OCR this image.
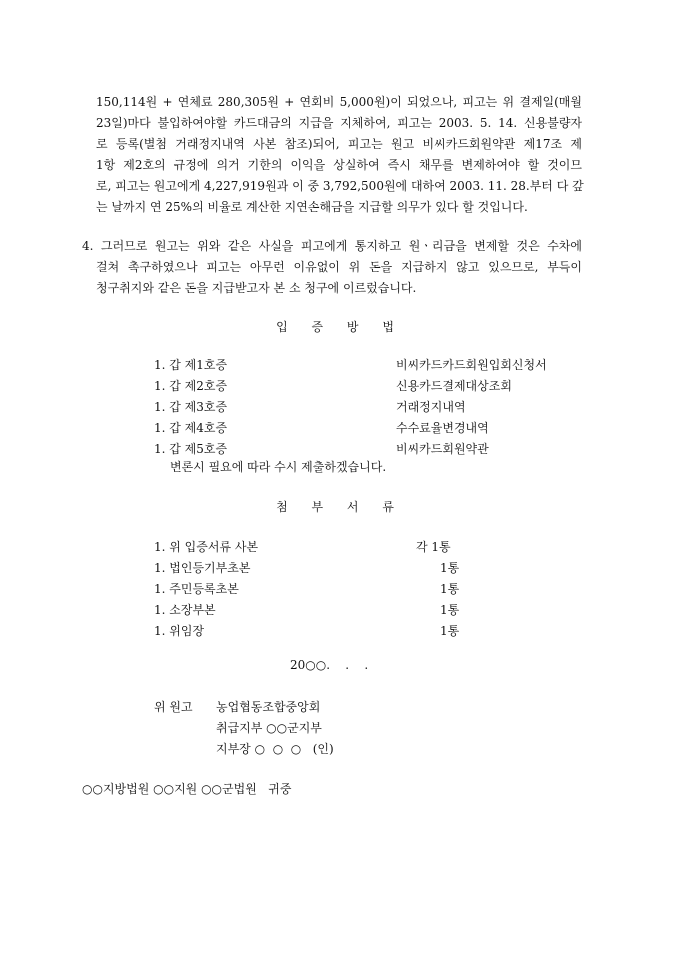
150,114원 + 연체료 280,305원 + 연회비 5,000원)이 되었으나, 피고는 위 결제일(매월
23일)마다 불입하여야할 카드대금의 지급을 지체하여, 피고는 2003. 5. 14. 신용불량자
로 등록(별첨 거래정지내역 사본 참조)되어, 피고는 원고 비씨카드회원약관 제17조 제
1항 제2호의 규정에 의거 기한의 이익을 상실하여 즉시 채무를 변제하여야 할 것이므
로, 피고는 원고에게 4,227,919원과 이 중 3,792,500원에 대하여 2003. 11. 28.부터 다 갚
는 날까지 연 25%의 비율로 계산한 지연손해금을 지급할 의무가 있다 할 것입니다.
4. 그러므로 원고는 위와 같은 사실을 피고에게 통지하고 원ㆍ리금을 변제할 것은 수차에
걸쳐 촉구하였으나 피고는 아무런 이유없이 위 돈을 지급하지 않고 있으므로, 부득이
청구취지와 같은 돈을 지급받고자 본 소 청구에 이르렀습니다.
입 증 방 법
1. 갑 제1호증	비씨카드카드회원입회신청서
1. 갑 제2호증	신용카드결제대상조회
1. 갑 제3호증	거래정지내역
1. 갑 제4호증	수수료율변경내역
1. 갑 제5호증	비씨카드회원약관
변론시 필요에 따라 수시 제출하겠습니다.
첨 부 서 류
1. 위 입증서류 사본	각 1통
1. 법인등기부초본	1통
1. 주민등록초본	1통
1. 소장부본	1통
1. 위임장	1통
20○○.    .    .
위 원고 농업협동조합중앙회
취급지부 ○○군지부
지부장 ○  ○  ○   (인)
○○지방법원 ○○지원 ○○군법원   귀중
